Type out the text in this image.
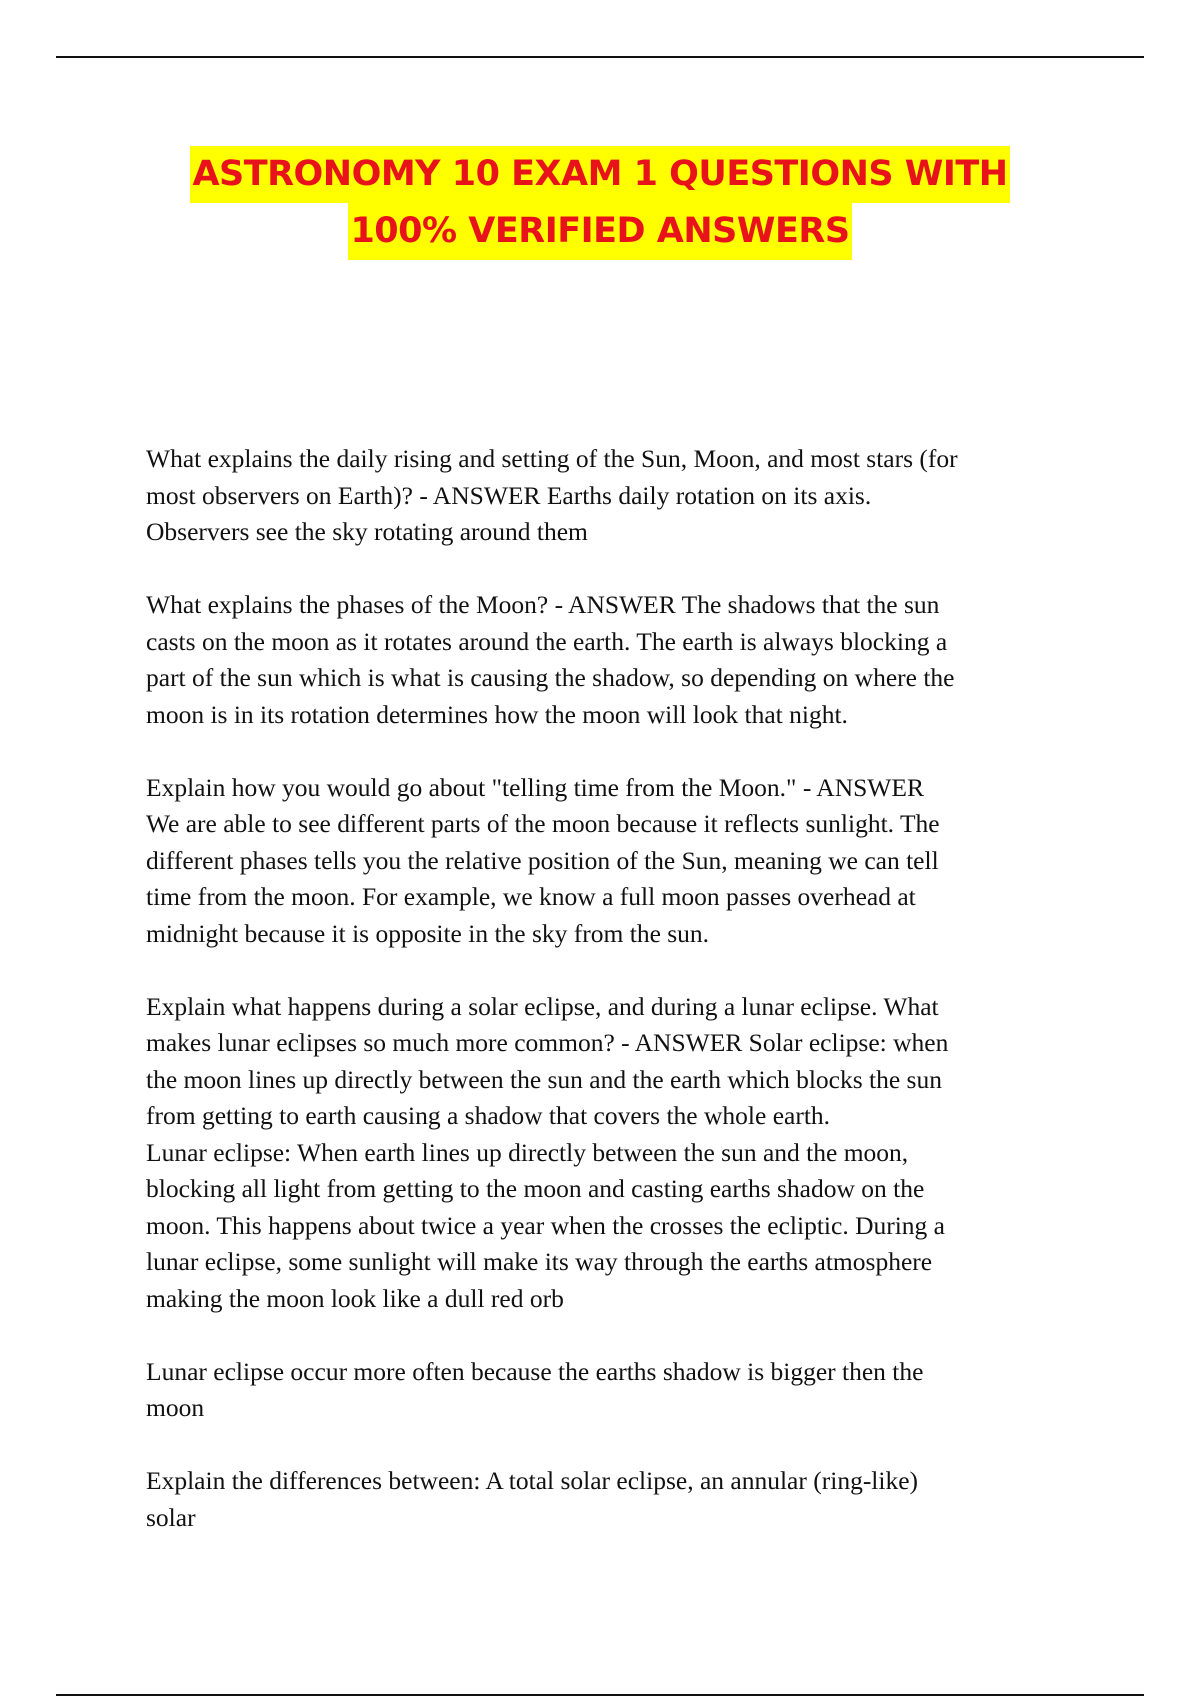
ASTRONOMY 10 EXAM 1 QUESTIONS WITH
100% VERIFIED ANSWERS
What explains the daily rising and setting of the Sun, Moon, and most stars (for
most observers on Earth)? - ANSWER Earths daily rotation on its axis.
Observers see the sky rotating around them
What explains the phases of the Moon? - ANSWER The shadows that the sun
casts on the moon as it rotates around the earth. The earth is always blocking a
part of the sun which is what is causing the shadow, so depending on where the
moon is in its rotation determines how the moon will look that night.
Explain how you would go about "telling time from the Moon." - ANSWER
We are able to see different parts of the moon because it reflects sunlight. The
different phases tells you the relative position of the Sun, meaning we can tell
time from the moon. For example, we know a full moon passes overhead at
midnight because it is opposite in the sky from the sun.
Explain what happens during a solar eclipse, and during a lunar eclipse. What
makes lunar eclipses so much more common? - ANSWER Solar eclipse: when
the moon lines up directly between the sun and the earth which blocks the sun
from getting to earth causing a shadow that covers the whole earth.
Lunar eclipse: When earth lines up directly between the sun and the moon,
blocking all light from getting to the moon and casting earths shadow on the
moon. This happens about twice a year when the crosses the ecliptic. During a
lunar eclipse, some sunlight will make its way through the earths atmosphere
making the moon look like a dull red orb
Lunar eclipse occur more often because the earths shadow is bigger then the
moon
Explain the differences between: A total solar eclipse, an annular (ring-like)
solar
